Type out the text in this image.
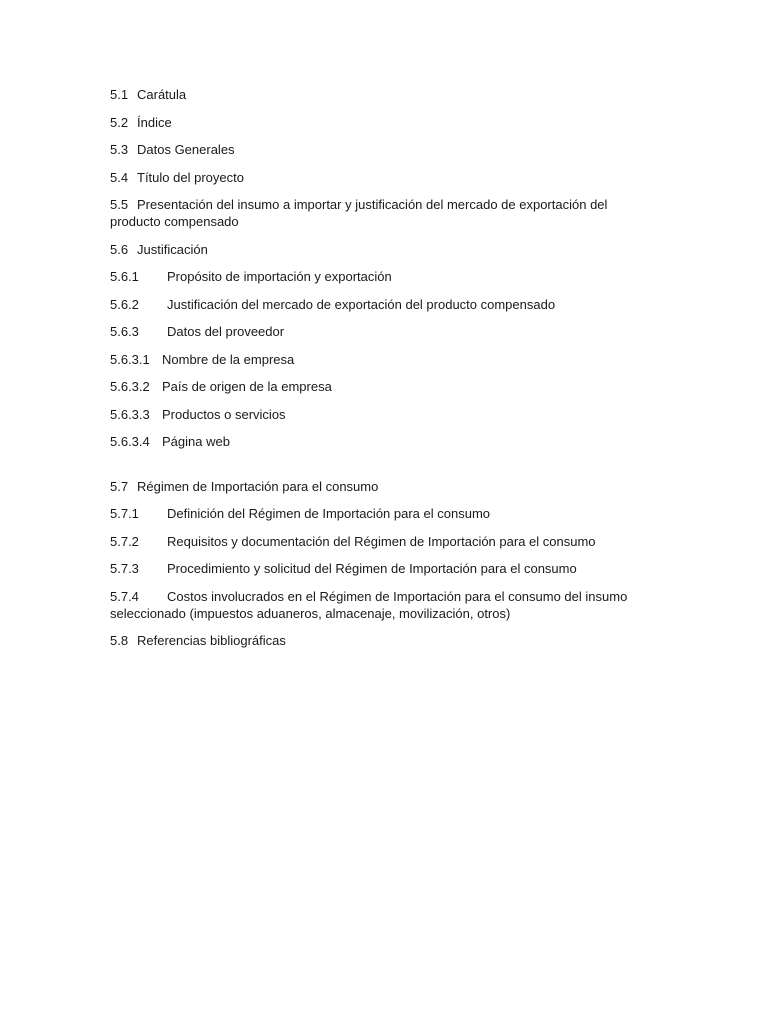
5.1 Carátula

5.2 Índice

5.3 Datos Generales

5.4 Título del proyecto

5.5 Presentación del insumo a importar y justificación del mercado de exportación del producto compensado

5.6 Justificación

5.6.1 Propósito de importación y exportación

5.6.2 Justificación del mercado de exportación del producto compensado

5.6.3 Datos del proveedor

5.6.3.1 Nombre de la empresa

5.6.3.2 País de origen de la empresa

5.6.3.3 Productos o servicios

5.6.3.4 Página web

5.7 Régimen de Importación para el consumo

5.7.1 Definición del Régimen de Importación para el consumo

5.7.2 Requisitos y documentación del Régimen de Importación para el consumo

5.7.3 Procedimiento y solicitud del Régimen de Importación para el consumo

5.7.4 Costos involucrados en el Régimen de Importación para el consumo del insumo seleccionado (impuestos aduaneros, almacenaje, movilización, otros)

5.8 Referencias bibliográficas
